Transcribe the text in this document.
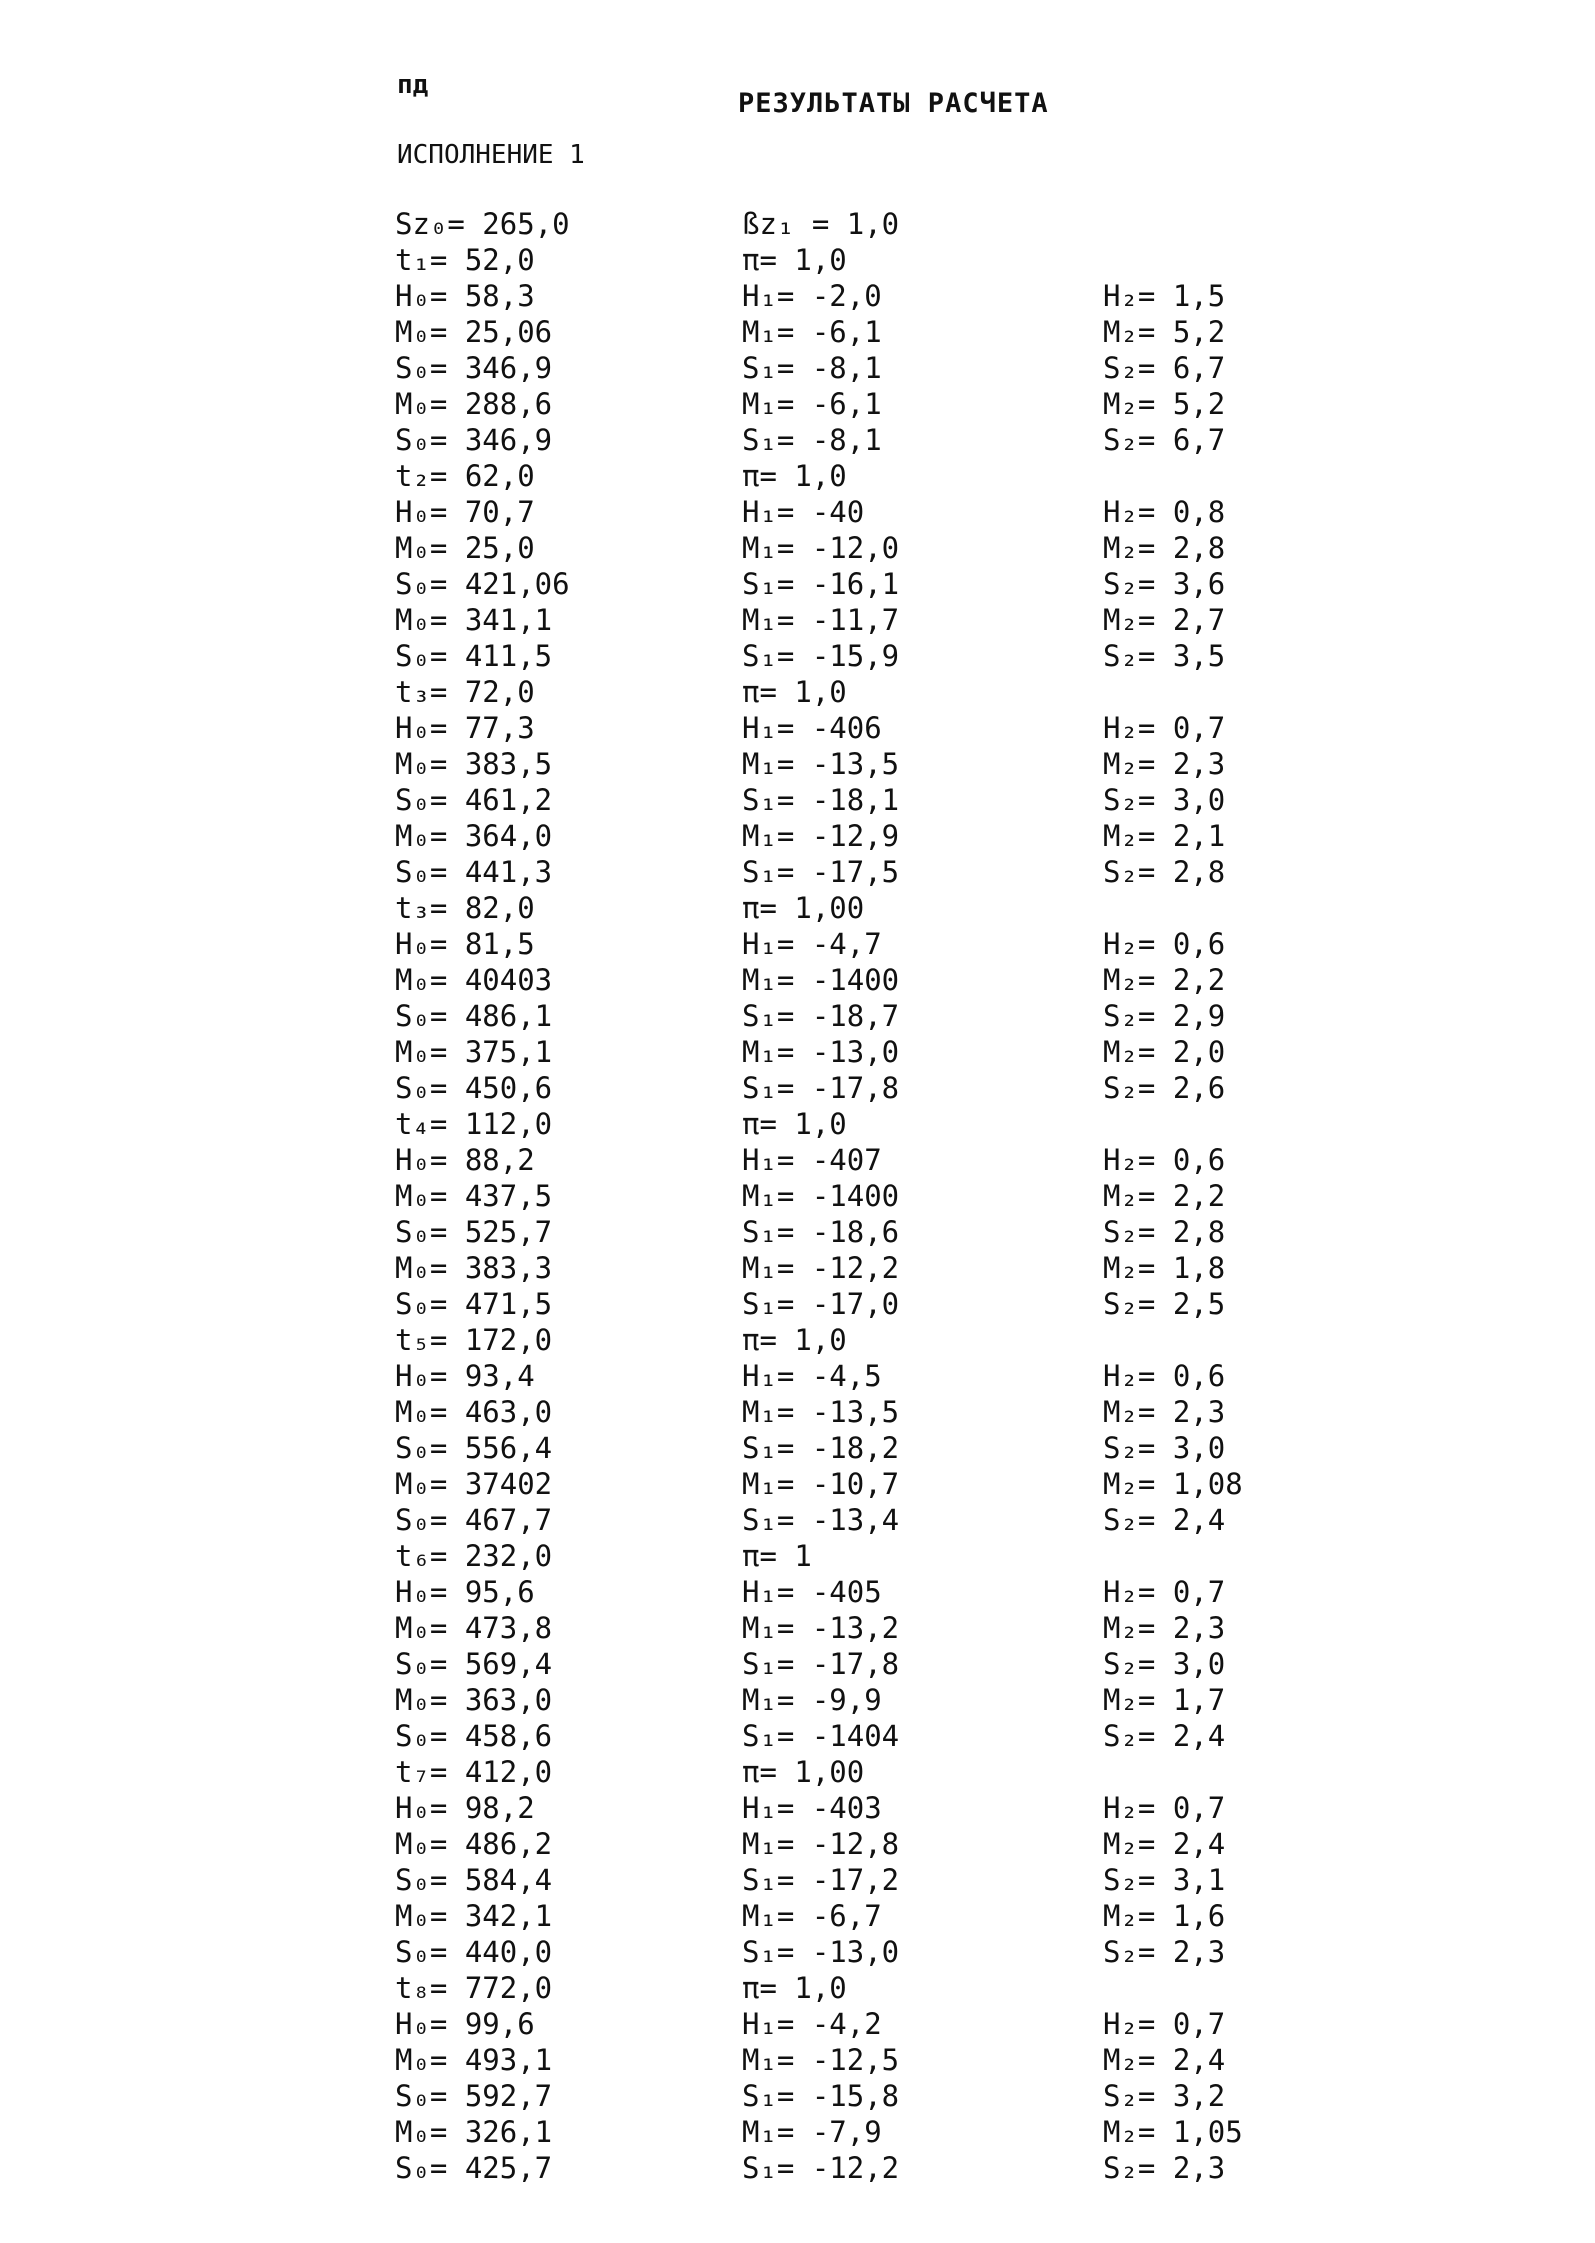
пд
РЕЗУЛЬТАТЫ РАСЧЕТА
ИСПОЛНЕНИЕ 1
Sz₀= 265,0	ßz₁ = 1,0
t₁= 52,0	π= 1,0
H₀= 58,3	H₁= -2,0	H₂= 1,5
M₀= 25,06	M₁= -6,1	M₂= 5,2
S₀= 346,9	S₁= -8,1	S₂= 6,7
M₀= 288,6	M₁= -6,1	M₂= 5,2
S₀= 346,9	S₁= -8,1	S₂= 6,7
t₂= 62,0	π= 1,0
H₀= 70,7	H₁= -40	H₂= 0,8
M₀= 25,0	M₁= -12,0	M₂= 2,8
S₀= 421,06	S₁= -16,1	S₂= 3,6
M₀= 341,1	M₁= -11,7	M₂= 2,7
S₀= 411,5	S₁= -15,9	S₂= 3,5
t₃= 72,0	π= 1,0
H₀= 77,3	H₁= -406	H₂= 0,7
M₀= 383,5	M₁= -13,5	M₂= 2,3
S₀= 461,2	S₁= -18,1	S₂= 3,0
M₀= 364,0	M₁= -12,9	M₂= 2,1
S₀= 441,3	S₁= -17,5	S₂= 2,8
t₃= 82,0	π= 1,00
H₀= 81,5	H₁= -4,7	H₂= 0,6
M₀= 40403	M₁= -1400	M₂= 2,2
S₀= 486,1	S₁= -18,7	S₂= 2,9
M₀= 375,1	M₁= -13,0	M₂= 2,0
S₀= 450,6	S₁= -17,8	S₂= 2,6
t₄= 112,0	π= 1,0
H₀= 88,2	H₁= -407	H₂= 0,6
M₀= 437,5	M₁= -1400	M₂= 2,2
S₀= 525,7	S₁= -18,6	S₂= 2,8
M₀= 383,3	M₁= -12,2	M₂= 1,8
S₀= 471,5	S₁= -17,0	S₂= 2,5
t₅= 172,0	π= 1,0
H₀= 93,4	H₁= -4,5	H₂= 0,6
M₀= 463,0	M₁= -13,5	M₂= 2,3
S₀= 556,4	S₁= -18,2	S₂= 3,0
M₀= 37402	M₁= -10,7	M₂= 1,08
S₀= 467,7	S₁= -13,4	S₂= 2,4
t₆= 232,0	π= 1
H₀= 95,6	H₁= -405	H₂= 0,7
M₀= 473,8	M₁= -13,2	M₂= 2,3
S₀= 569,4	S₁= -17,8	S₂= 3,0
M₀= 363,0	M₁= -9,9	M₂= 1,7
S₀= 458,6	S₁= -1404	S₂= 2,4
t₇= 412,0	π= 1,00
H₀= 98,2	H₁= -403	H₂= 0,7
M₀= 486,2	M₁= -12,8	M₂= 2,4
S₀= 584,4	S₁= -17,2	S₂= 3,1
M₀= 342,1	M₁= -6,7	M₂= 1,6
S₀= 440,0	S₁= -13,0	S₂= 2,3
t₈= 772,0	π= 1,0
H₀= 99,6	H₁= -4,2	H₂= 0,7
M₀= 493,1	M₁= -12,5	M₂= 2,4
S₀= 592,7	S₁= -15,8	S₂= 3,2
M₀= 326,1	M₁= -7,9	M₂= 1,05
S₀= 425,7	S₁= -12,2	S₂= 2,3
